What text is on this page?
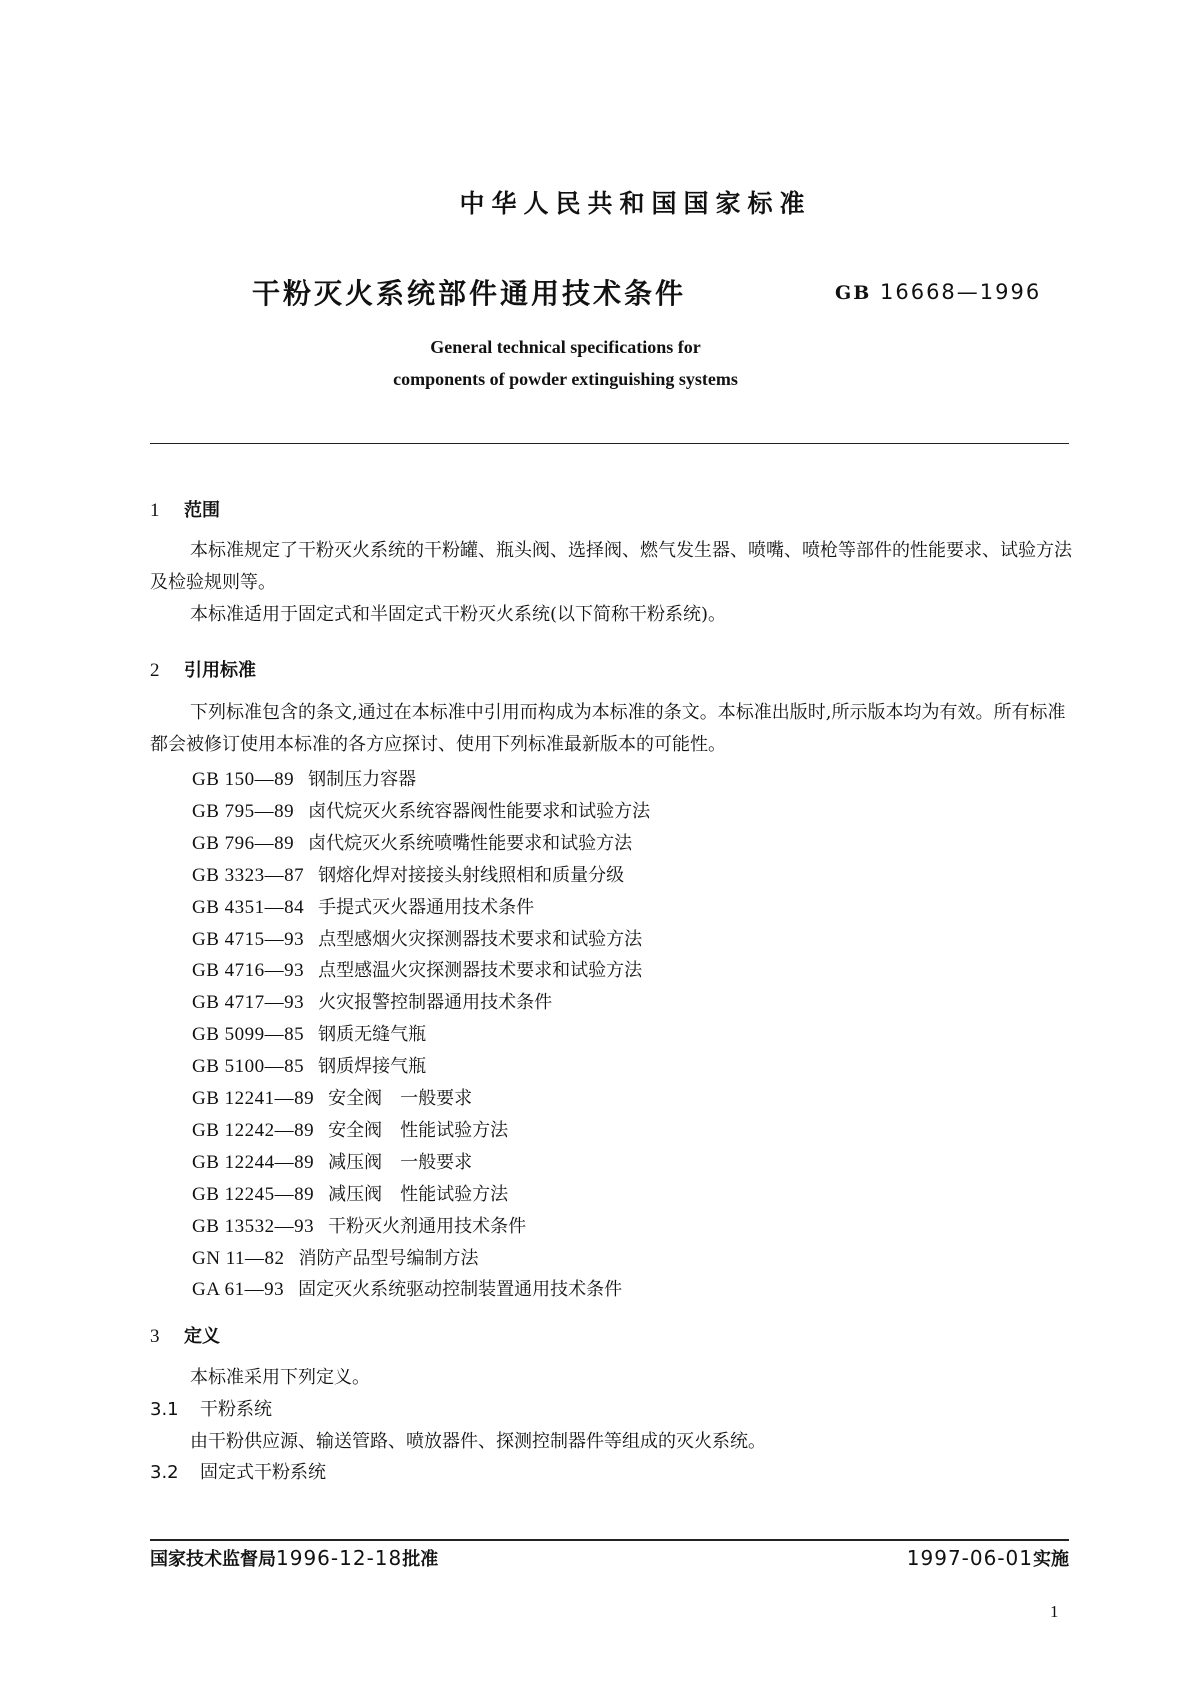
中华人民共和国国家标准
干粉灭火系统部件通用技术条件	GB 16668—1996
General technical specifications for
components of powder extinguishing systems
1 范围
本标准规定了干粉灭火系统的干粉罐、瓶头阀、选择阀、燃气发生器、喷嘴、喷枪等部件的性能要求、试验方法及检验规则等。
本标准适用于固定式和半固定式干粉灭火系统(以下简称干粉系统)。
2 引用标准
下列标准包含的条文,通过在本标准中引用而构成为本标准的条文。本标准出版时,所示版本均为有效。所有标准都会被修订使用本标准的各方应探讨、使用下列标准最新版本的可能性。
GB 150—89 钢制压力容器
GB 795—89 卤代烷灭火系统容器阀性能要求和试验方法
GB 796—89 卤代烷灭火系统喷嘴性能要求和试验方法
GB 3323—87 钢熔化焊对接接头射线照相和质量分级
GB 4351—84 手提式灭火器通用技术条件
GB 4715—93 点型感烟火灾探测器技术要求和试验方法
GB 4716—93 点型感温火灾探测器技术要求和试验方法
GB 4717—93 火灾报警控制器通用技术条件
GB 5099—85 钢质无缝气瓶
GB 5100—85 钢质焊接气瓶
GB 12241—89 安全阀　一般要求
GB 12242—89 安全阀　性能试验方法
GB 12244—89 减压阀　一般要求
GB 12245—89 减压阀　性能试验方法
GB 13532—93 干粉灭火剂通用技术条件
GN 11—82 消防产品型号编制方法
GA 61—93 固定灭火系统驱动控制装置通用技术条件
3 定义
本标准采用下列定义。
3.1 干粉系统
由干粉供应源、输送管路、喷放器件、探测控制器件等组成的灭火系统。
3.2 固定式干粉系统
国家技术监督局1996-12-18批准	1997-06-01实施
1
